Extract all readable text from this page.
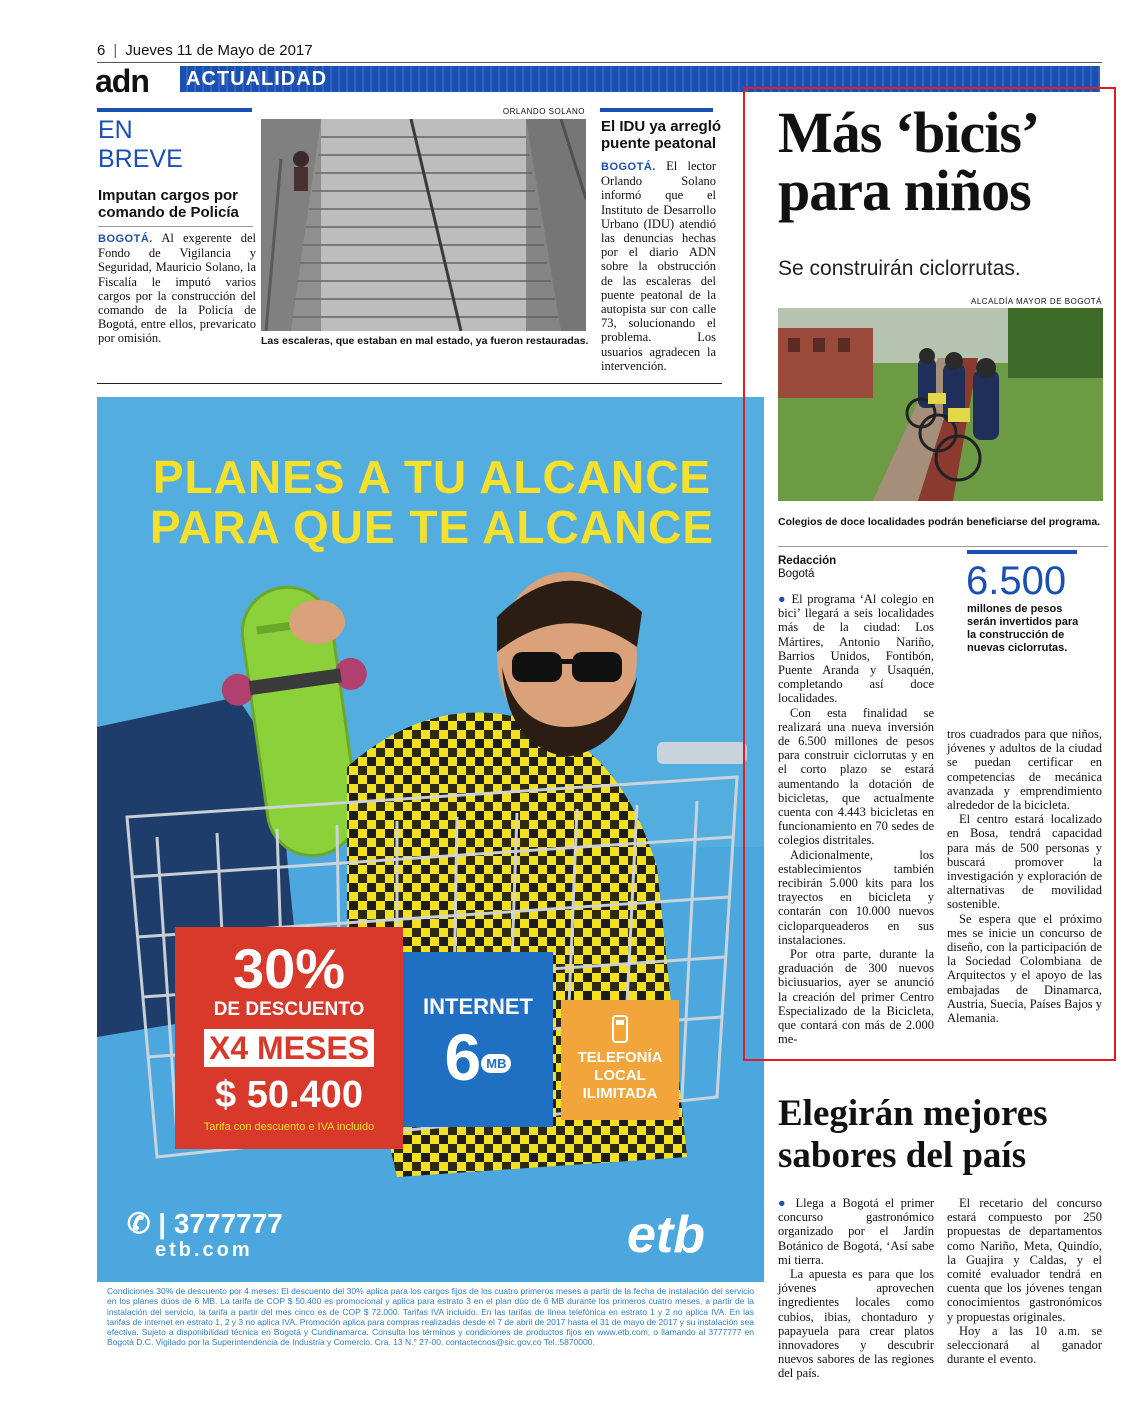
6 | Jueves 11 de Mayo de 2017
adn ACTUALIDAD
EN
BREVE
Imputan cargos por comando de Policía
BOGOTÁ. Al exgerente del Fondo de Vigilancia y Seguridad, Mauricio Solano, la Fiscalía le imputó varios cargos por la construcción del comando de la Policía de Bogotá, entre ellos, prevaricato por omisión.
ORLANDO SOLANO
Las escaleras, que estaban en mal estado, ya fueron restauradas.
El IDU ya arregló puente peatonal
BOGOTÁ. El lector Orlando Solano informó que el Instituto de Desarrollo Urbano (IDU) atendió las denuncias hechas por el diario ADN sobre la obstrucción de las escaleras del puente peatonal de la autopista sur con calle 73, solucionando el problema. Los usuarios agradecen la intervención.
PLANES A TU ALCANCE
PARA QUE TE ALCANCE
30%
DE DESCUENTO
X4 MESES
$ 50.400
Tarifa con descuento e IVA incluido
INTERNET
6 MB	TELEFONÍA LOCAL ILIMITADA
✆ | 3777777
etb.com	etb
Condiciones 30% de descuento por 4 meses: El descuento del 30% aplica para los cargos fijos de los cuatro primeros meses a partir de la fecha de instalación del servicio en los planes dúos de 6 MB. La tarifa de COP $ 50.400 es promocional y aplica para estrato 3 en el plan dúo de 6 MB durante los primeros cuatro meses, a partir de la instalación del servicio, la tarifa a partir del mes cinco es de COP $ 72.000. Tarifas IVA incluido. En las tarifas de línea telefónica en estrato 1 y 2 no aplica IVA. En las tarifas de internet en estrato 1, 2 y 3 no aplica IVA. Promoción aplica para compras realizadas desde el 7 de abril de 2017 hasta el 31 de mayo de 2017 y su instalación sea efectiva. Sujeto a disponibilidad técnica en Bogotá y Cundinamarca. Consulta los términos y condiciones de productos fijos en www.etb.com, o llamando al 3777777 en Bogotá D.C. Vigilado por la Superintendencia de Industria y Comercio. Cra. 13 N.° 27-00. contactecnos@sic.gov.co Tel.:5870000.
Más ‘bicis’
para niños
Se construirán ciclorrutas.
ALCALDÍA MAYOR DE BOGOTÁ
Colegios de doce localidades podrán beneficiarse del programa.
Redacción
Bogotá	6.500
millones de pesos serán invertidos para la construcción de nuevas ciclorrutas.

● El programa ‘Al colegio en bici’ llegará a seis localidades más de la ciudad: Los Mártires, Antonio Nariño, Barrios Unidos, Fontibón, Puente Aranda y Usaquén, completando así doce localidades.

Con esta finalidad se realizará una nueva inversión de 6.500 millones de pesos para construir ciclorrutas y en el corto plazo se estará aumentando la dotación de bicicletas, que actualmente cuenta con 4.443 bicicletas en funcionamiento en 70 sedes de colegios distritales.

Adicionalmente, los establecimientos también recibirán 5.000 kits para los trayectos en bicicleta y contarán con 10.000 nuevos cicloparqueaderos en sus instalaciones.

Por otra parte, durante la graduación de 300 nuevos biciusuarios, ayer se anunció la creación del primer Centro Especializado de la Bicicleta, que contará con más de 2.000 me-

tros cuadrados para que niños, jóvenes y adultos de la ciudad se puedan certificar en competencias de mecánica avanzada y emprendimiento alrededor de la bicicleta.

El centro estará localizado en Bosa, tendrá capacidad para más de 500 personas y buscará promover la investigación y exploración de alternativas de movilidad sostenible.

Se espera que el próximo mes se inicie un concurso de diseño, con la participación de la Sociedad Colombiana de Arquitectos y el apoyo de las embajadas de Dinamarca, Austria, Suecia, Países Bajos y Alemania.

Elegirán mejores
sabores del país

● Llega a Bogotá el primer concurso gastronómico organizado por el Jardín Botánico de Bogotá, ‘Así sabe mi tierra.

La apuesta es para que los jóvenes aprovechen ingredientes locales como cubios, ibias, chontaduro y papayuela para crear platos innovadores y descubrir nuevos sabores de las regiones del país.

El recetario del concurso estará compuesto por 250 propuestas de departamentos como Nariño, Meta, Quindío, la Guajira y Caldas, y el comité evaluador tendrá en cuenta que los jóvenes tengan conocimientos gastronómicos y propuestas originales.

Hoy a las 10 a.m. se seleccionará al ganador durante el evento.
